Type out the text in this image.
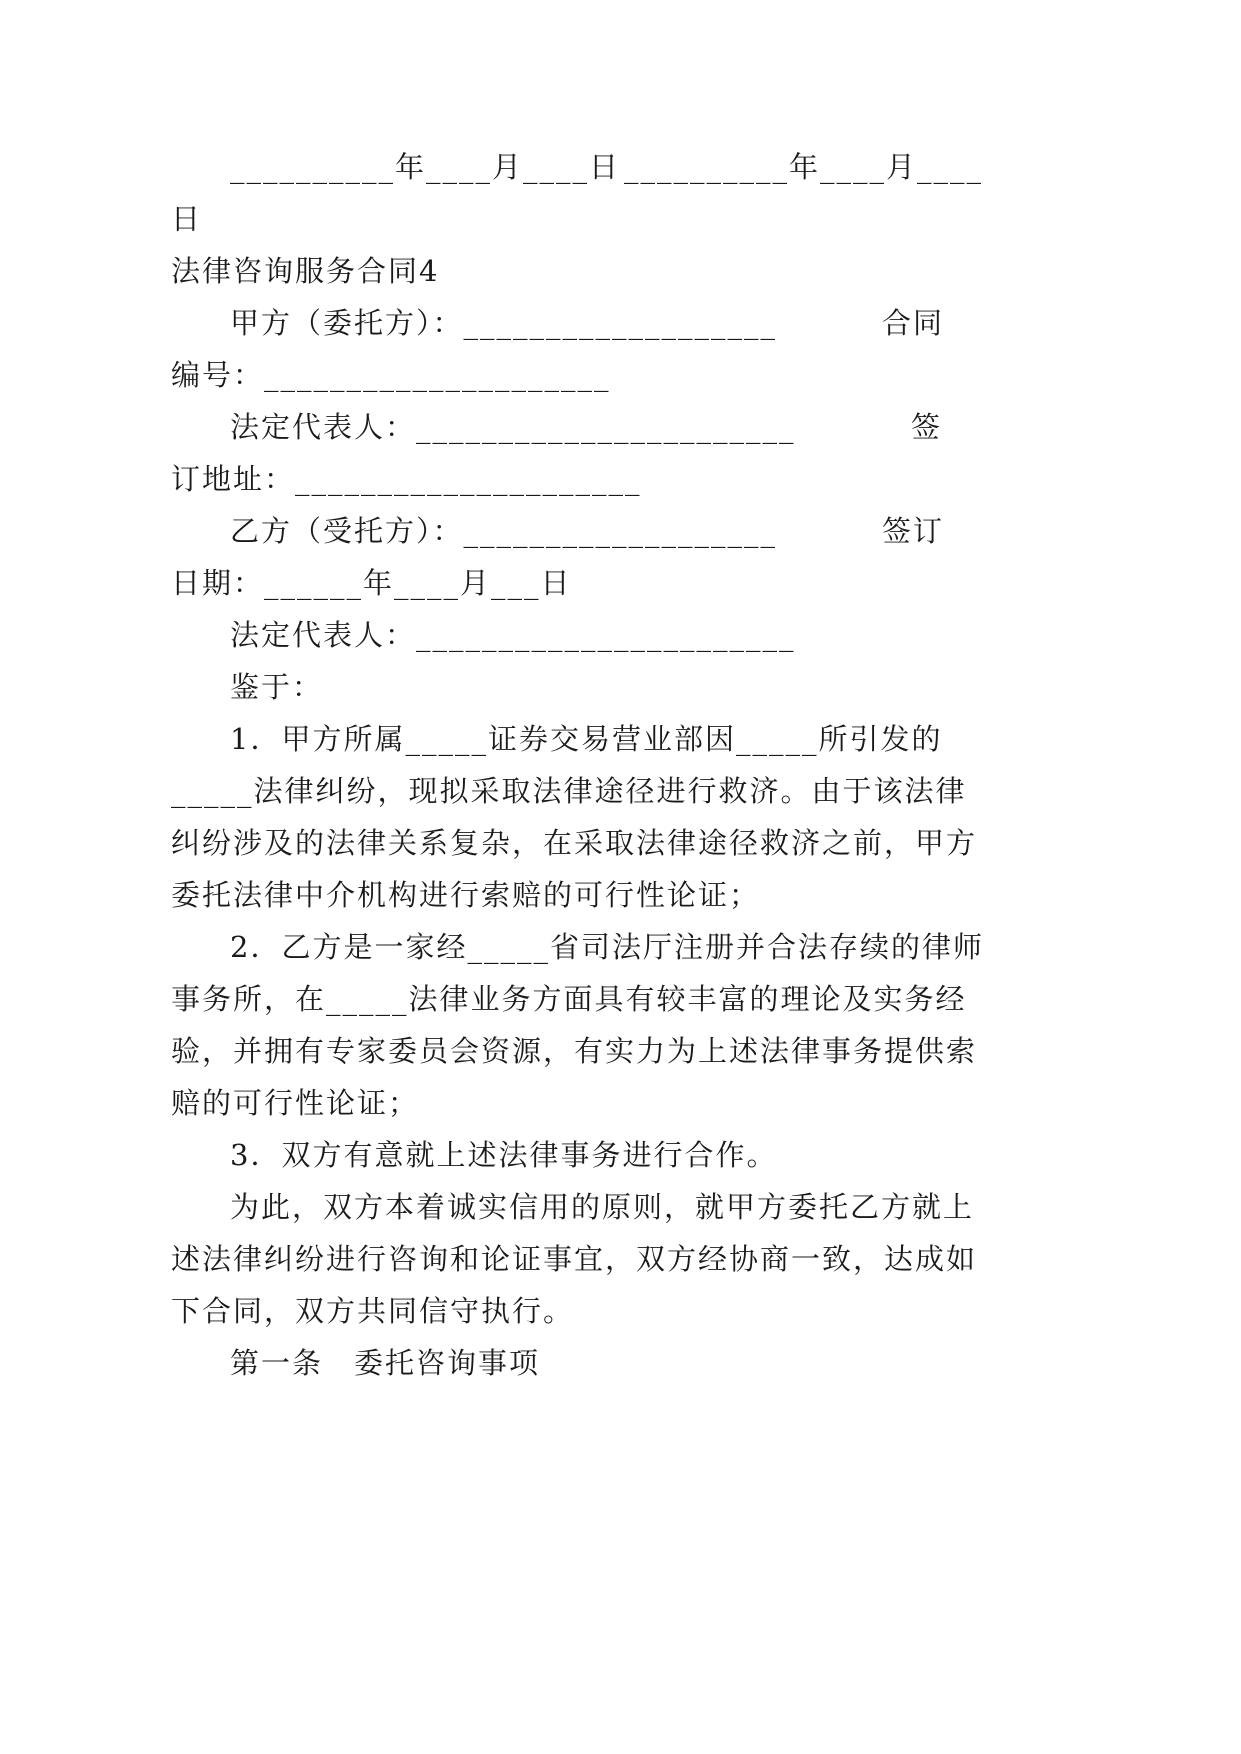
__________年____月____日

__________年____月____

日

法律咨询服务合同4

甲方（委托方）：___________________

	合同

编号：_____________________

法定代表人：_______________________

	签

订地址：_____________________

乙方（受托方）：___________________

	签订

日期：______年____月___日

法定代表人：_______________________

鉴于：

1．甲方所属_____证券交易营业部因_____所引发的

_____法律纠纷，现拟采取法律途径进行救济。由于该法律

纠纷涉及的法律关系复杂，在采取法律途径救济之前，甲方

委托法律中介机构进行索赔的可行性论证；

2．乙方是一家经_____省司法厅注册并合法存续的律师

事务所，在_____法律业务方面具有较丰富的理论及实务经

验，并拥有专家委员会资源，有实力为上述法律事务提供索

赔的可行性论证；

3．双方有意就上述法律事务进行合作。

为此，双方本着诚实信用的原则，就甲方委托乙方就上

述法律纠纷进行咨询和论证事宜，双方经协商一致，达成如

下合同，双方共同信守执行。

第一条　委托咨询事项
